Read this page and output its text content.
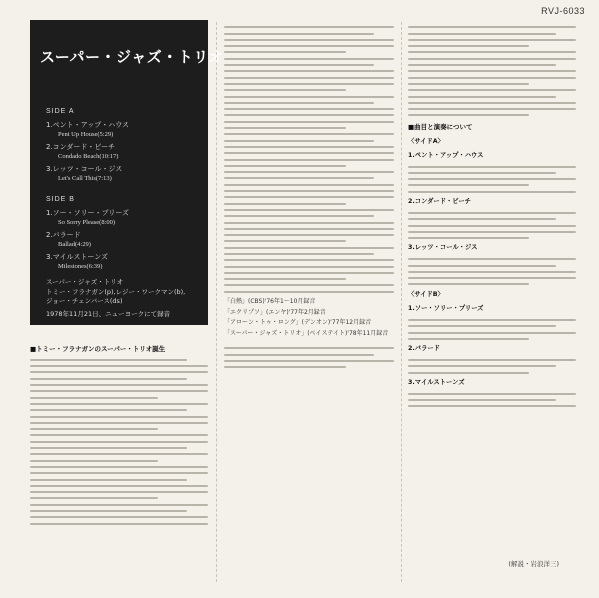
RVJ-6033
スーパー・ジャズ・トリオ
SIDE A
1.ペント・アップ・ハウス
Pent Up House(5:29)
2.コンダード・ビーチ
Condado Beach(10:17)
3.レッツ・コール・ジス
Let's Call This(7:13)
SIDE B
1.ソー・ソリー・プリーズ
So Sorry Please(8:00)
2.バラード
Ballad(4:29)
3.マイルストーンズ
Milestones(6:39)
スーパー・ジャズ・トリオ
トミー・フラナガン(p),レジー・ワークマン(b),
ジョー・チェンバース(ds)
1978年11月21日、ニューヨークにて録音
■トミー・フラナガンのスーパー・トリオ誕生
「白熱」(CBS)'76年1〜10月録音
「エクリプソ」(エンヤ)'77年2月録音
「アローン・トゥ・ロング」(デンオン)'77年12月録音
「スーパー・ジャズ・トリオ」(ベイステイト)'78年11月録音
■曲目と演奏について
〈サイドA〉
1.ペント・アップ・ハウス
2.コンダード・ビーチ
3.レッツ・コール・ジス
〈サイドB〉
1.ソー・ソリー・プリーズ
2.バラード
3.マイルストーンズ
(解説・岩浪洋三)
